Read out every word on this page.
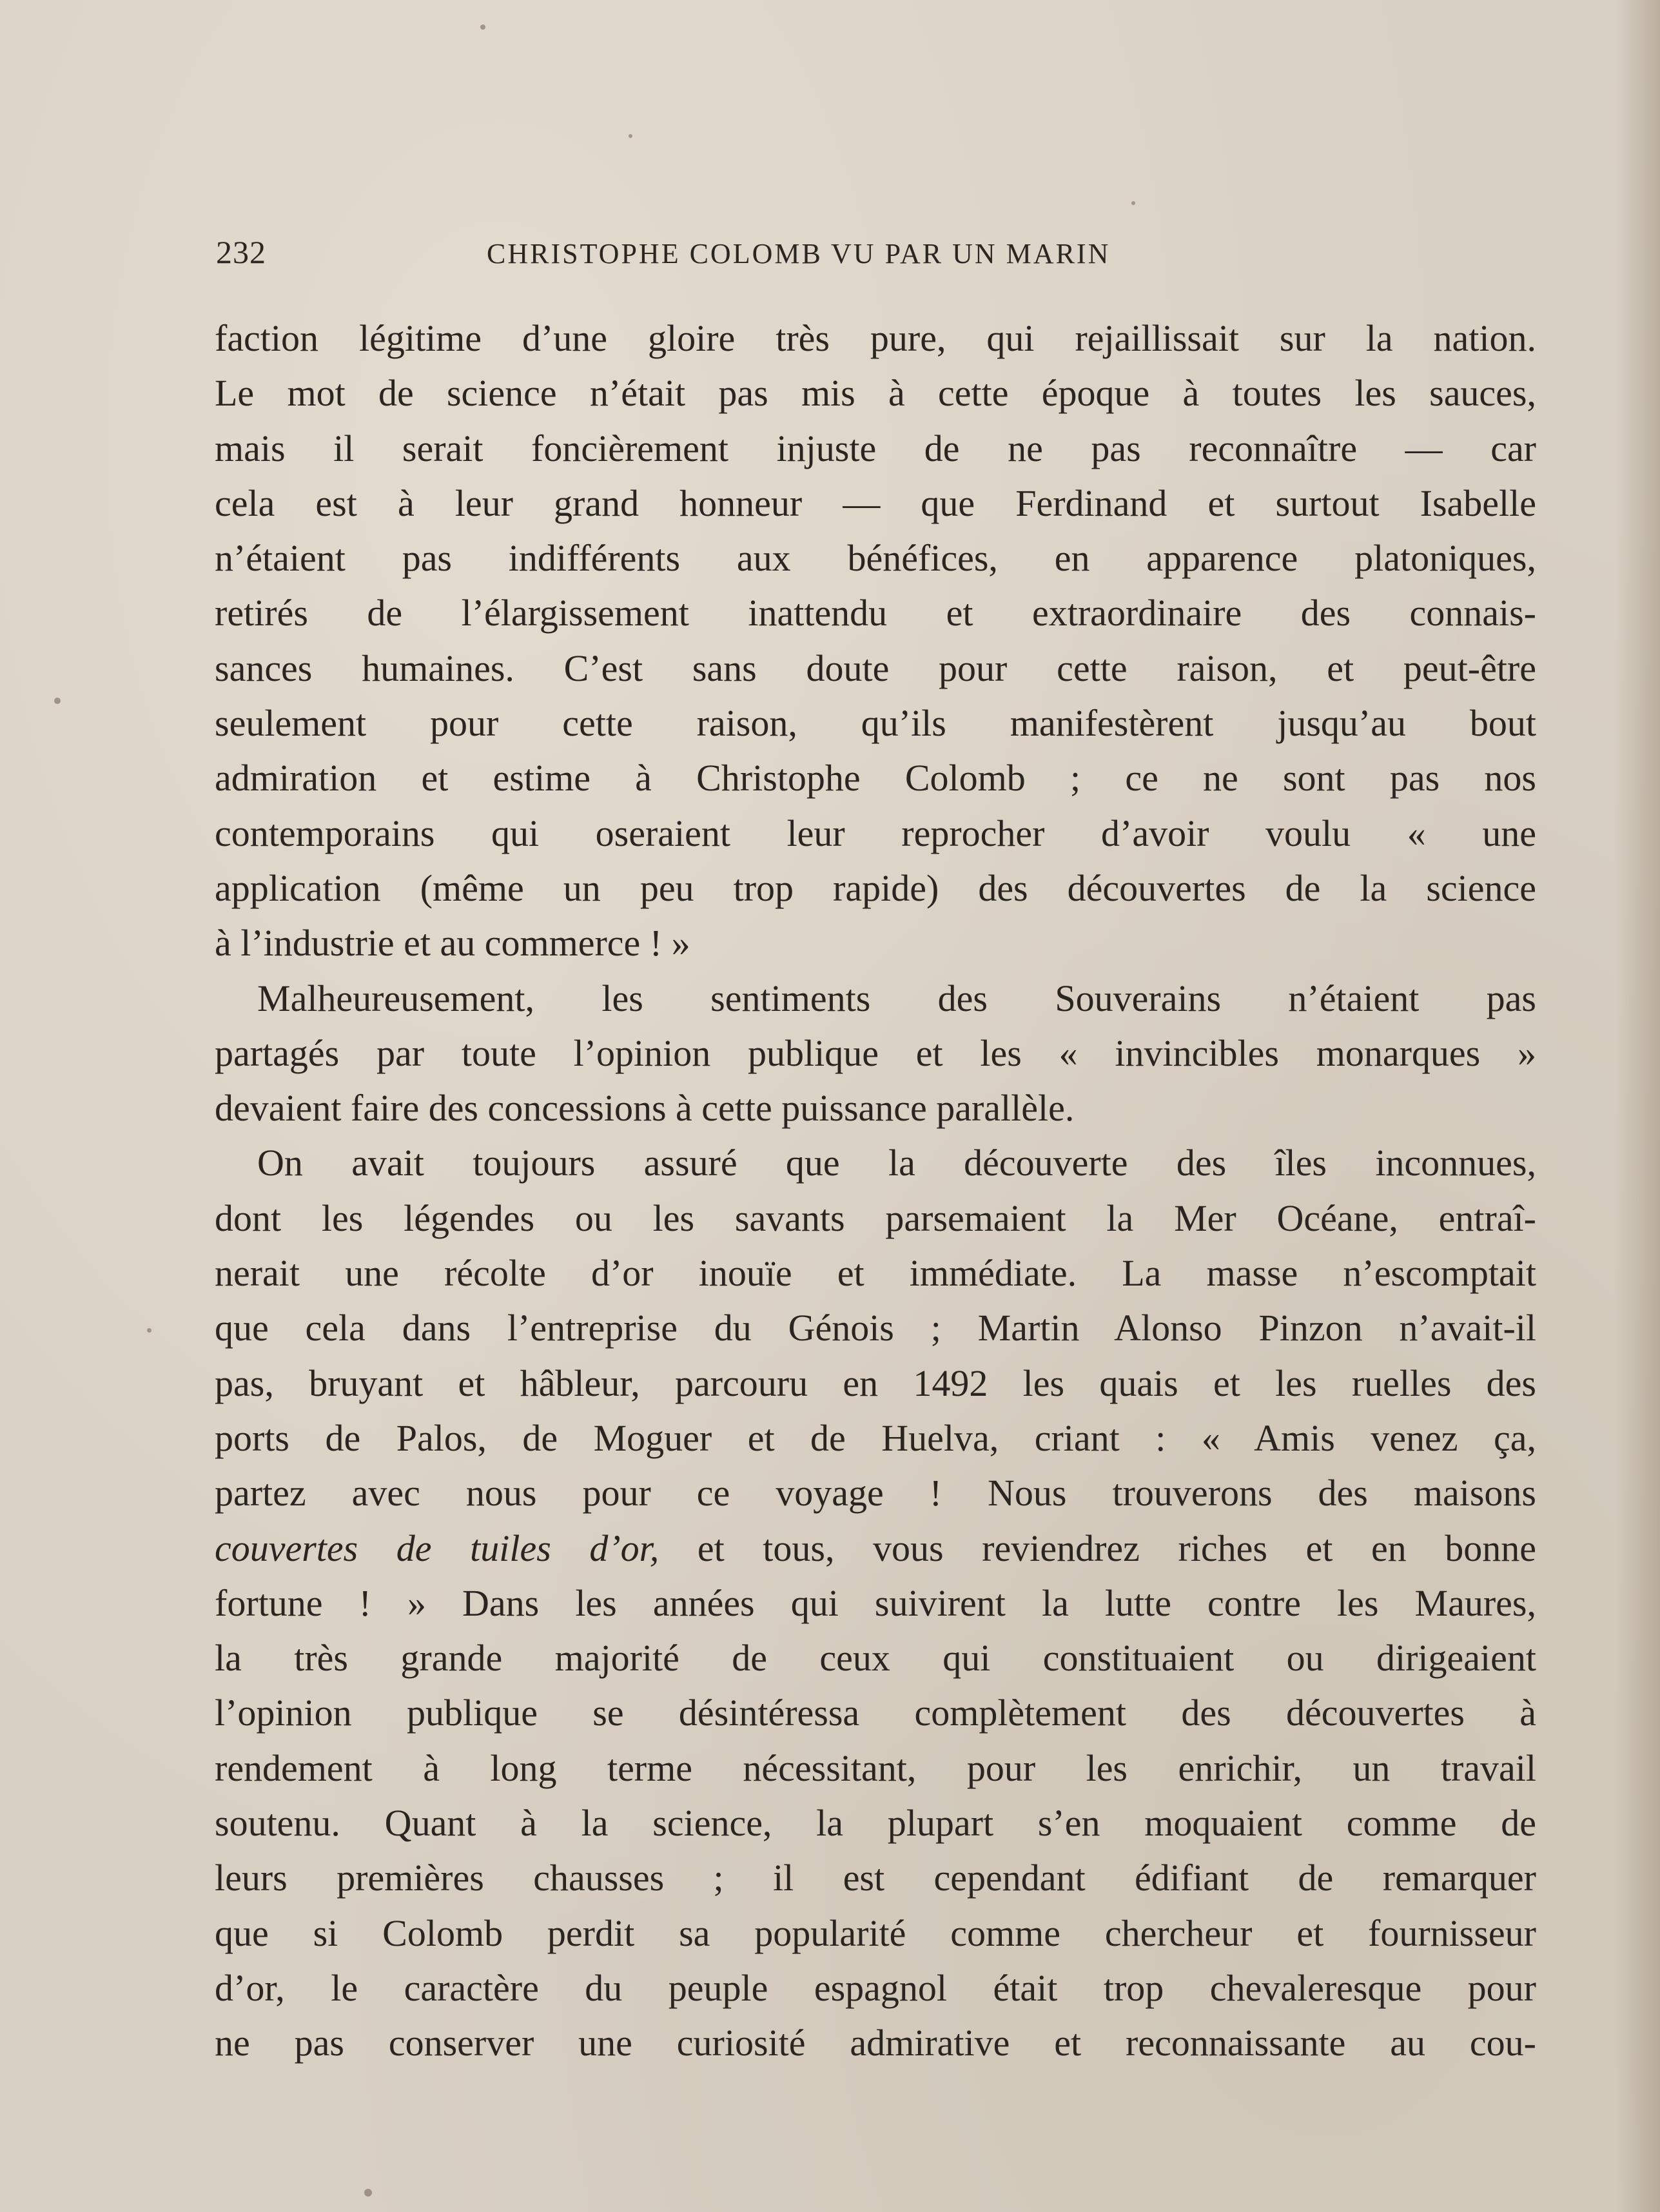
232	CHRISTOPHE COLOMB VU PAR UN MARIN
faction légitime d’une gloire très pure, qui rejaillissait sur la nation.
Le mot de science n’était pas mis à cette époque à toutes les sauces,
mais il serait foncièrement injuste de ne pas reconnaître — car
cela est à leur grand honneur — que Ferdinand et surtout Isabelle
n’étaient pas indifférents aux bénéfices, en apparence platoniques,
retirés de l’élargissement inattendu et extraordinaire des connais-
sances humaines. C’est sans doute pour cette raison, et peut-être
seulement pour cette raison, qu’ils manifestèrent jusqu’au bout
admiration et estime à Christophe Colomb ; ce ne sont pas nos
contemporains qui oseraient leur reprocher d’avoir voulu « une
application (même un peu trop rapide) des découvertes de la science
à l’industrie et au commerce ! »
Malheureusement, les sentiments des Souverains n’étaient pas
partagés par toute l’opinion publique et les « invincibles monarques »
devaient faire des concessions à cette puissance parallèle.
On avait toujours assuré que la découverte des îles inconnues,
dont les légendes ou les savants parsemaient la Mer Océane, entraî-
nerait une récolte d’or inouïe et immédiate. La masse n’escomptait
que cela dans l’entreprise du Génois ; Martin Alonso Pinzon n’avait-il
pas, bruyant et hâbleur, parcouru en 1492 les quais et les ruelles des
ports de Palos, de Moguer et de Huelva, criant : « Amis venez ça,
partez avec nous pour ce voyage ! Nous trouverons des maisons
couvertes de tuiles d’or, et tous, vous reviendrez riches et en bonne
fortune ! » Dans les années qui suivirent la lutte contre les Maures,
la très grande majorité de ceux qui constituaient ou dirigeaient
l’opinion publique se désintéressa complètement des découvertes à
rendement à long terme nécessitant, pour les enrichir, un travail
soutenu. Quant à la science, la plupart s’en moquaient comme de
leurs premières chausses ; il est cependant édifiant de remarquer
que si Colomb perdit sa popularité comme chercheur et fournisseur
d’or, le caractère du peuple espagnol était trop chevaleresque pour
ne pas conserver une curiosité admirative et reconnaissante au cou-
